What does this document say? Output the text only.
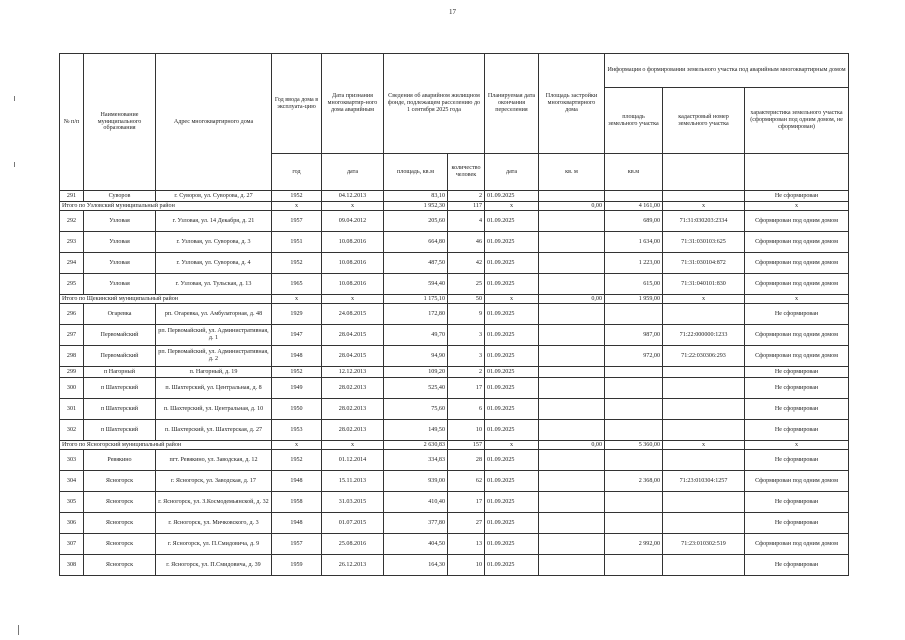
17
№ п/п	Наименование муниципального образования	Адрес многоквартирного дома	Год ввода дома в эксплуата-цию	Дата признания многоквартир-ного дома аварийным	Сведения об аварийном жилищном фонде, подлежащем расселению до 1 сентября 2025 года		Планируемая дата окончания переселения	Площадь застройки многоквартирного дома	Информация о формировании земельного участка под аварийным многоквартирным домом		
									площадь земельного участка	кадастровый номер земельного участка	характеристика земельного участка (сформирован под одним домом, не сформирован)
			год	дата	площадь, кв.м	количество человек	дата	кв. м	кв.м		
291	Суворов	г. Суворов, ул. Суворова, д. 27	1952	04.12.2013	83,10	2	01.09.2025				Не сформирован
Итого по Узловский муниципальный район			x	x	1 952,30	117	x	0,00	4 161,00	x	x
292	Узловая	г. Узловая, ул. 14 Декабря, д. 21	1957	09.04.2012	205,60	4	01.09.2025		689,00	71:31:030203:2334	Сформирован под одним домом
293	Узловая	г. Узловая, ул. Суворова, д. 3	1951	10.08.2016	664,80	46	01.09.2025		1 634,00	71:31:030103:625	Сформирован под одним домом
294	Узловая	г. Узловая, ул. Суворова, д. 4	1952	10.08.2016	487,50	42	01.09.2025		1 223,00	71:31:030104:872	Сформирован под одним домом
295	Узловая	г. Узловая, ул. Тульская, д. 13	1965	10.08.2016	594,40	25	01.09.2025		615,00	71:31:040101:830	Сформирован под одним домом
Итого по Щекинский муниципальный район			x	x	1 175,10	50	x	0,00	1 959,00	x	x
296	Огаревка	рп. Огаревка, ул. Амбулаторная, д. 48	1929	24.08.2015	172,80	9	01.09.2025				Не сформирован
297	Первомайский	рп. Первомайский, ул. Административная, д. 1	1947	28.04.2015	49,70	3	01.09.2025		987,00	71:22:000000:1233	Сформирован под одним домом
298	Первомайский	рп. Первомайский, ул. Административная, д. 2	1948	28.04.2015	94,90	3	01.09.2025		972,00	71:22:030306:293	Сформирован под одним домом
299	п Нагорный	п. Нагорный, д. 19	1952	12.12.2013	109,20	2	01.09.2025				Не сформирован
300	п Шахтерский	п. Шахтерский, ул. Центральная, д. 8	1949	28.02.2013	525,40	17	01.09.2025				Не сформирован
301	п Шахтерский	п. Шахтерский, ул. Центральная, д. 10	1950	28.02.2013	75,60	6	01.09.2025				Не сформирован
302	п Шахтерский	п. Шахтерский, ул. Шахтерская, д. 27	1953	28.02.2013	149,50	10	01.09.2025				Не сформирован
Итого по Ясногорский муниципальный район			x	x	2 630,83	157	x	0,00	5 360,00	x	x
303	Ревякино	пгт. Ревякино, ул. Заводская, д. 12	1952	01.12.2014	334,83	28	01.09.2025				Не сформирован
304	Ясногорск	г. Ясногорск, ул. Заводская, д. 17	1948	15.11.2013	939,00	62	01.09.2025		2 368,00	71:23:010304:1257	Сформирован под одним домом
305	Ясногорск	г. Ясногорск, ул. З.Космодемьянской, д. 32	1958	31.03.2015	410,40	17	01.09.2025				Не сформирован
306	Ясногорск	г. Ясногорск, ул. Мичковского, д. 3	1948	01.07.2015	377,80	27	01.09.2025				Не сформирован
307	Ясногорск	г. Ясногорск, ул. П.Смидовича, д. 9	1957	25.08.2016	404,50	13	01.09.2025		2 992,00	71:23:010302:519	Сформирован под одним домом
308	Ясногорск	г. Ясногорск, ул. П.Смидовича, д. 39	1959	26.12.2013	164,30	10	01.09.2025				Не сформирован
